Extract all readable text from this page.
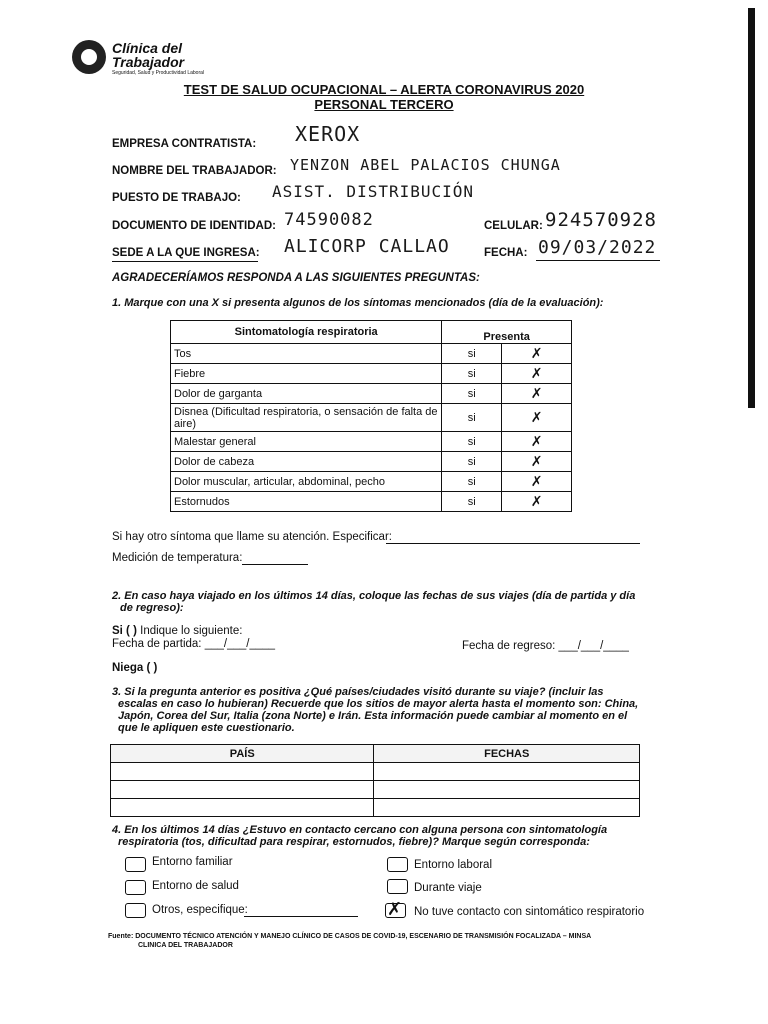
Clínica del
Trabajador
Seguridad, Salud y Productividad Laboral
TEST DE SALUD OCUPACIONAL – ALERTA CORONAVIRUS 2020
PERSONAL TERCERO
EMPRESA CONTRATISTA: XEROX
NOMBRE DEL TRABAJADOR: YENZON ABEL PALACIOS CHUNGA
PUESTO DE TRABAJO: ASIST. DISTRIBUCIÓN
DOCUMENTO DE IDENTIDAD: 74590082	CELULAR: 924570928
SEDE A LA QUE INGRESA: ALICORP CALLAO	FECHA: 09/03/2022
AGRADECERÍAMOS RESPONDA A LAS SIGUIENTES PREGUNTAS:
1. Marque con una X si presenta algunos de los síntomas mencionados (día de la evaluación):
Sintomatología respiratoria	Presenta	
Tos	si	✗
Fiebre	si	✗
Dolor de garganta	si	✗
Disnea (Dificultad respiratoria, o sensación de falta de aire)	si	✗
Malestar general	si	✗
Dolor de cabeza	si	✗
Dolor muscular, articular, abdominal, pecho	si	✗
Estornudos	si	✗
Si hay otro síntoma que llame su atención. Especificar:
Medición de temperatura:
2. En caso haya viajado en los últimos 14 días, coloque las fechas de sus viajes (día de partida y día
de regreso):
Si ( ) Indique lo siguiente:
Fecha de partida: ___/___/____	Fecha de regreso: ___/___/____
Niega ( )
3. Si la pregunta anterior es positiva ¿Qué países/ciudades visitó durante su viaje? (incluir las
escalas en caso lo hubieran) Recuerde que los sitios de mayor alerta hasta el momento son: China,
Japón, Corea del Sur, Italia (zona Norte) e Irán. Esta información puede cambiar al momento en el
que le apliquen este cuestionario.
PAÍS	FECHAS

4. En los últimos 14 días ¿Estuvo en contacto cercano con alguna persona con sintomatología
respiratoria (tos, dificultad para respirar, estornudos, fiebre)? Marque según corresponda:
Entorno familiar	Entorno laboral
Entorno de salud	Durante viaje
Otros, especifique:	✗ No tuve contacto con sintomático respiratorio
Fuente: DOCUMENTO TÉCNICO ATENCIÓN Y MANEJO CLÍNICO DE CASOS DE COVID-19, ESCENARIO DE TRANSMISIÓN FOCALIZADA – MINSA
CLINICA DEL TRABAJADOR
